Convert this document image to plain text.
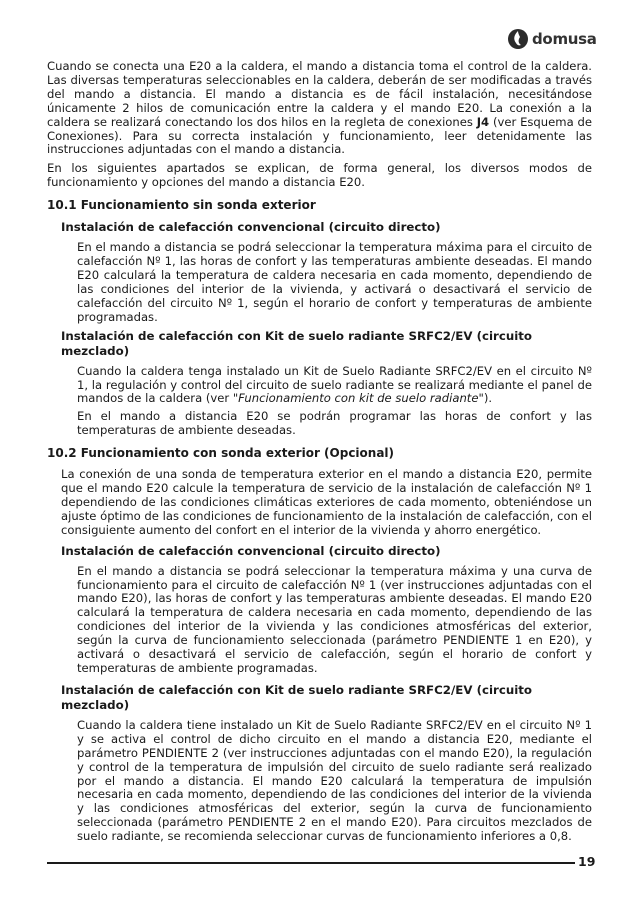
domusa

Cuando se conecta una E20 a la caldera, el mando a distancia toma el control de la caldera. Las diversas temperaturas seleccionables en la caldera, deberán de ser modificadas a través del mando a distancia. El mando a distancia es de fácil instalación, necesitándose únicamente 2 hilos de comunicación entre la caldera y el mando E20. La conexión a la caldera se realizará conectando los dos hilos en la regleta de conexiones J4 (ver Esquema de Conexiones). Para su correcta instalación y funcionamiento, leer detenidamente las instrucciones adjuntadas con el mando a distancia.

En los siguientes apartados se explican, de forma general, los diversos modos de funcionamiento y opciones del mando a distancia E20.

10.1 Funcionamiento sin sonda exterior
Instalación de calefacción convencional (circuito directo)

En el mando a distancia se podrá seleccionar la temperatura máxima para el circuito de calefacción Nº 1, las horas de confort y las temperaturas ambiente deseadas. El mando E20 calculará la temperatura de caldera necesaria en cada momento, dependiendo de las condiciones del interior de la vivienda, y activará o desactivará el servicio de calefacción del circuito Nº 1, según el horario de confort y temperaturas de ambiente programadas.

Instalación de calefacción con Kit de suelo radiante SRFC2/EV (circuito mezclado)

Cuando la caldera tenga instalado un Kit de Suelo Radiante SRFC2/EV en el circuito Nº 1, la regulación y control del circuito de suelo radiante se realizará mediante el panel de mandos de la caldera (ver "Funcionamiento con kit de suelo radiante").

En el mando a distancia E20 se podrán programar las horas de confort y las temperaturas de ambiente deseadas.

10.2 Funcionamiento con sonda exterior (Opcional)

La conexión de una sonda de temperatura exterior en el mando a distancia E20, permite que el mando E20 calcule la temperatura de servicio de la instalación de calefacción Nº 1 dependiendo de las condiciones climáticas exteriores de cada momento, obteniéndose un ajuste óptimo de las condiciones de funcionamiento de la instalación de calefacción, con el consiguiente aumento del confort en el interior de la vivienda y ahorro energético.

Instalación de calefacción convencional (circuito directo)

En el mando a distancia se podrá seleccionar la temperatura máxima y una curva de funcionamiento para el circuito de calefacción Nº 1 (ver instrucciones adjuntadas con el mando E20), las horas de confort y las temperaturas ambiente deseadas. El mando E20 calculará la temperatura de caldera necesaria en cada momento, dependiendo de las condiciones del interior de la vivienda y las condiciones atmosféricas del exterior, según la curva de funcionamiento seleccionada (parámetro PENDIENTE 1 en E20), y activará o desactivará el servicio de calefacción, según el horario de confort y temperaturas de ambiente programadas.

Instalación de calefacción con Kit de suelo radiante SRFC2/EV (circuito mezclado)

Cuando la caldera tiene instalado un Kit de Suelo Radiante SRFC2/EV en el circuito Nº 1 y se activa el control de dicho circuito en el mando a distancia E20, mediante el parámetro PENDIENTE 2 (ver instrucciones adjuntadas con el mando E20), la regulación y control de la temperatura de impulsión del circuito de suelo radiante será realizado por el mando a distancia. El mando E20 calculará la temperatura de impulsión necesaria en cada momento, dependiendo de las condiciones del interior de la vivienda y las condiciones atmosféricas del exterior, según la curva de funcionamiento seleccionada (parámetro PENDIENTE 2 en el mando E20). Para circuitos mezclados de suelo radiante, se recomienda seleccionar curvas de funcionamiento inferiores a 0,8.

19
